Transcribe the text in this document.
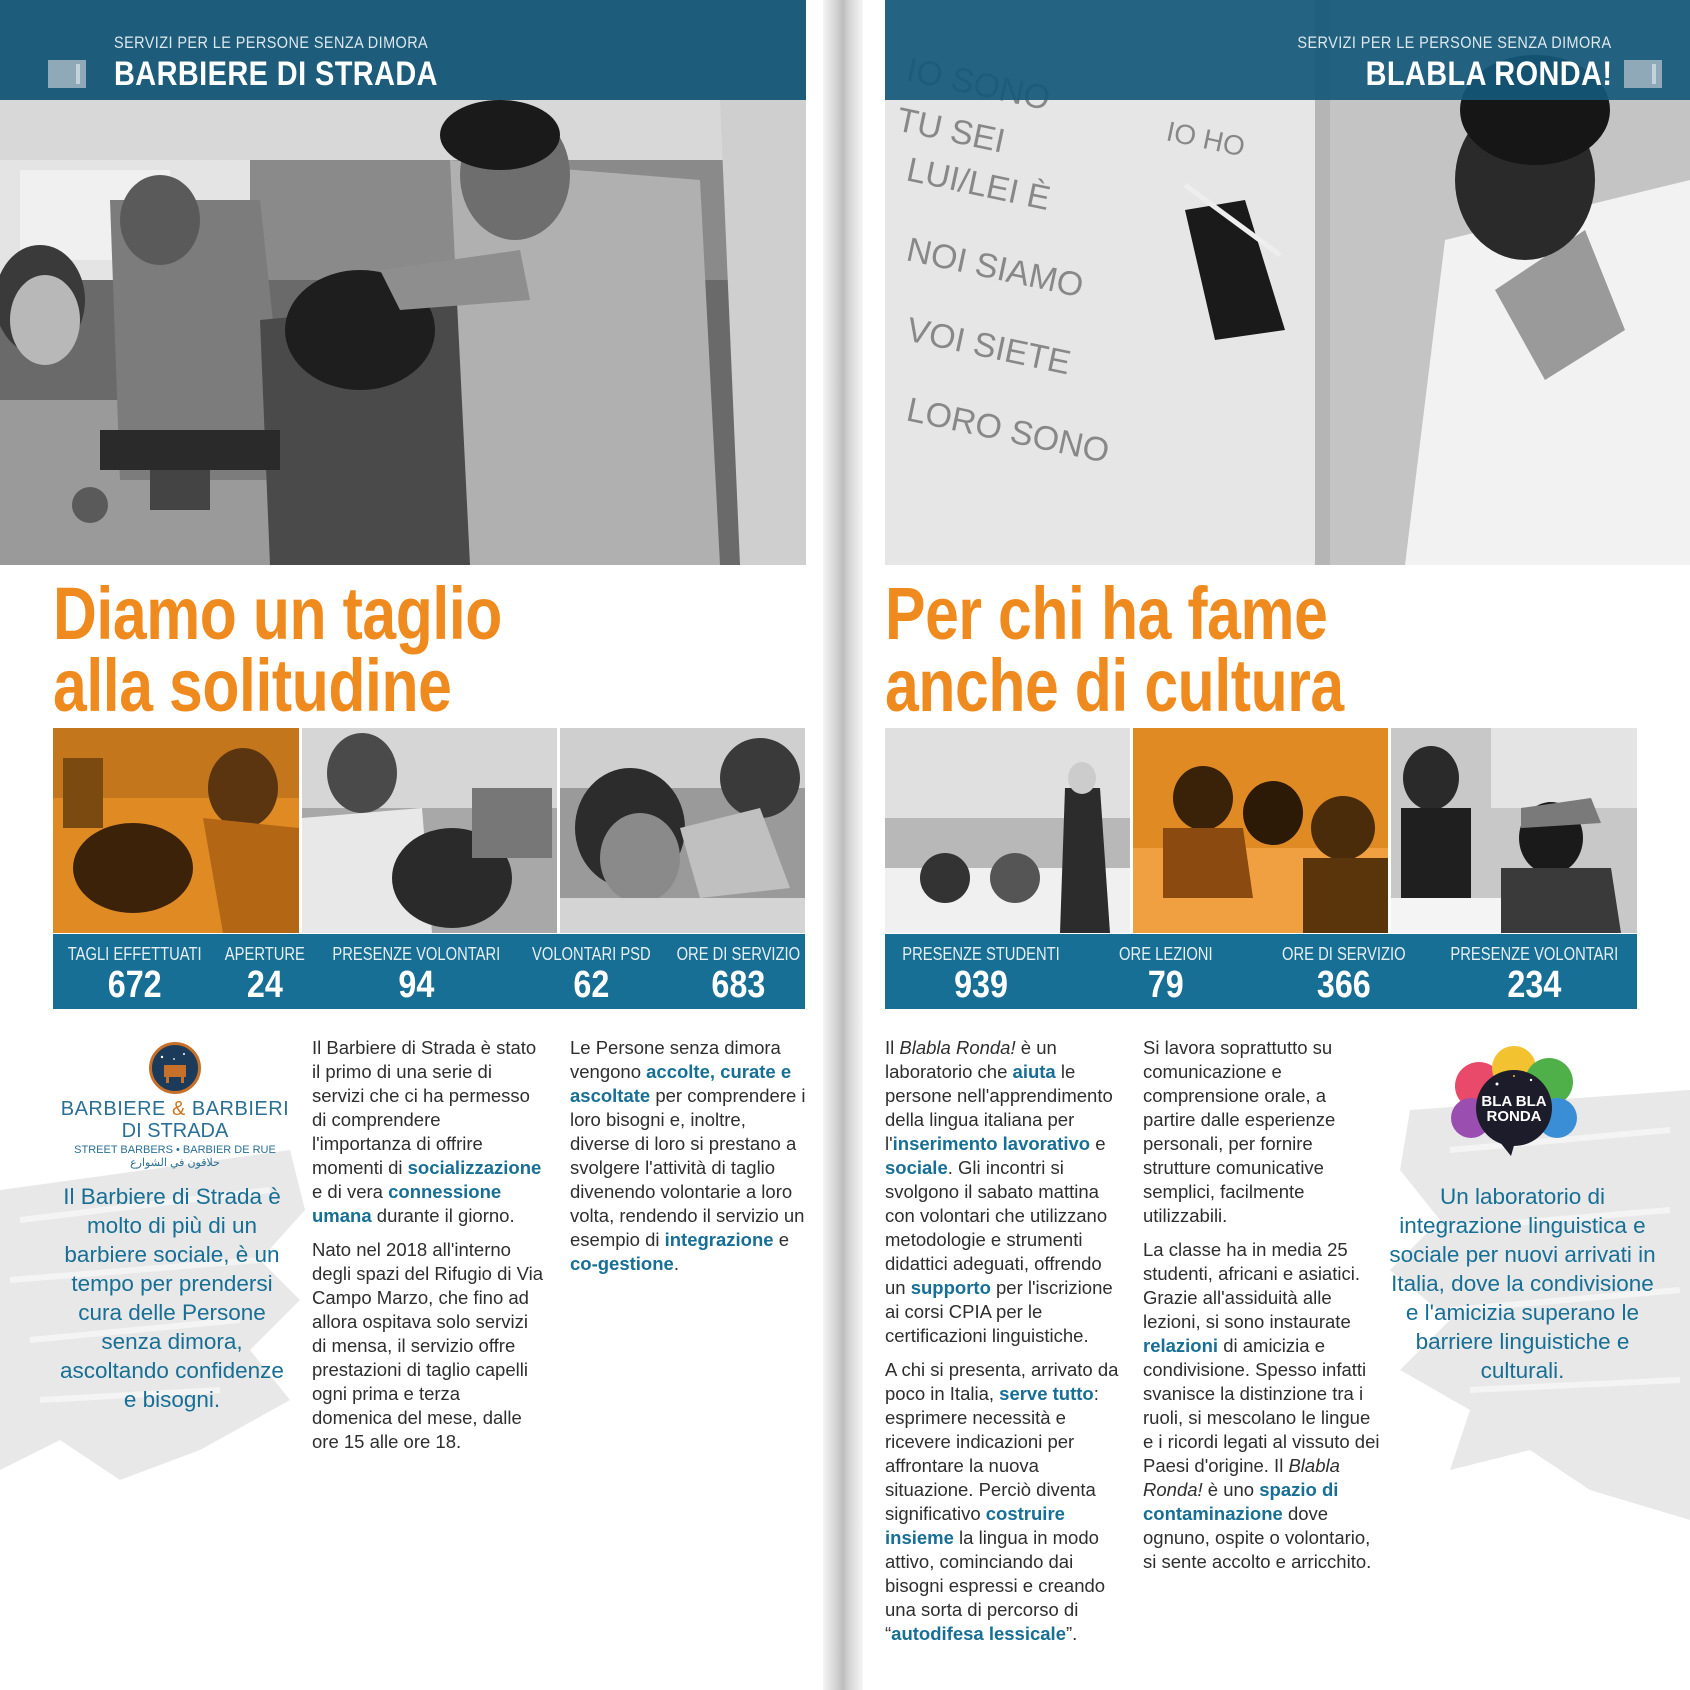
SERVIZI PER LE PERSONE SENZA DIMORA
BARBIERE DI STRADA
Diamo un taglio
alla solitudine
TAGLI EFFETTUATI
672
APERTURE
24
PRESENZE VOLONTARI
94
VOLONTARI PSD
62
ORE DI SERVIZIO
683
BARBIERE & BARBIERI
DI STRADA
STREET BARBERS • BARBIER DE RUE
حلاقون في الشوارع
Il Barbiere di Strada è molto di più di un barbiere sociale, è un tempo per prendersi cura delle Persone senza dimora, ascoltando confidenze e bisogni.

Il Barbiere di Strada è stato il primo di una serie di servizi che ci ha permesso di comprendere l'importanza di offrire momenti di socializzazione e di vera connessione umana durante il giorno.

Nato nel 2018 all'interno degli spazi del Rifugio di Via Campo Marzo, che fino ad allora ospitava solo servizi di mensa, il servizio offre prestazioni di taglio capelli ogni prima e terza domenica del mese, dalle ore 15 alle ore 18.

Le Persone senza dimora vengono accolte, curate e ascoltate per comprendere i loro bisogni e, inoltre, diverse di loro si prestano a svolgere l'attività di taglio divenendo volontarie a loro volta, rendendo il servizio un esempio di integrazione e co-gestione.

TU SEI
LUI/LEI È
NOI SIAMO
VOI SIETE
LORO SONO
IO HO
SERVIZI PER LE PERSONE SENZA DIMORA
BLABLA RONDA!
Per chi ha fame
anche di cultura
PRESENZE STUDENTI
939
ORE LEZIONI
79
ORE DI SERVIZIO
366
PRESENZE VOLONTARI
234
BLA BLA
RONDA
Un laboratorio di integrazione linguistica e sociale per nuovi arrivati in Italia, dove la condivisione e l'amicizia superano le barriere linguistiche e culturali.

Il Blabla Ronda! è un laboratorio che aiuta le persone nell'apprendimento della lingua italiana per l'inserimento lavorativo e sociale. Gli incontri si svolgono il sabato mattina con volontari che utilizzano metodologie e strumenti didattici adeguati, offrendo un supporto per l'iscrizione ai corsi CPIA per le certificazioni linguistiche.

A chi si presenta, arrivato da poco in Italia, serve tutto: esprimere necessità e ricevere indicazioni per affrontare la nuova situazione. Perciò diventa significativo costruire insieme la lingua in modo attivo, cominciando dai bisogni espressi e creando una sorta di percorso di “autodifesa lessicale”.

Si lavora soprattutto su comunicazione e comprensione orale, a partire dalle esperienze personali, per fornire strutture comunicative semplici, facilmente utilizzabili.

La classe ha in media 25 studenti, africani e asiatici. Grazie all'assiduità alle lezioni, si sono instaurate relazioni di amicizia e condivisione. Spesso infatti svanisce la distinzione tra i ruoli, si mescolano le lingue e i ricordi legati al vissuto dei Paesi d'origine. Il Blabla Ronda! è uno spazio di contaminazione dove ognuno, ospite o volontario, si sente accolto e arricchito.
